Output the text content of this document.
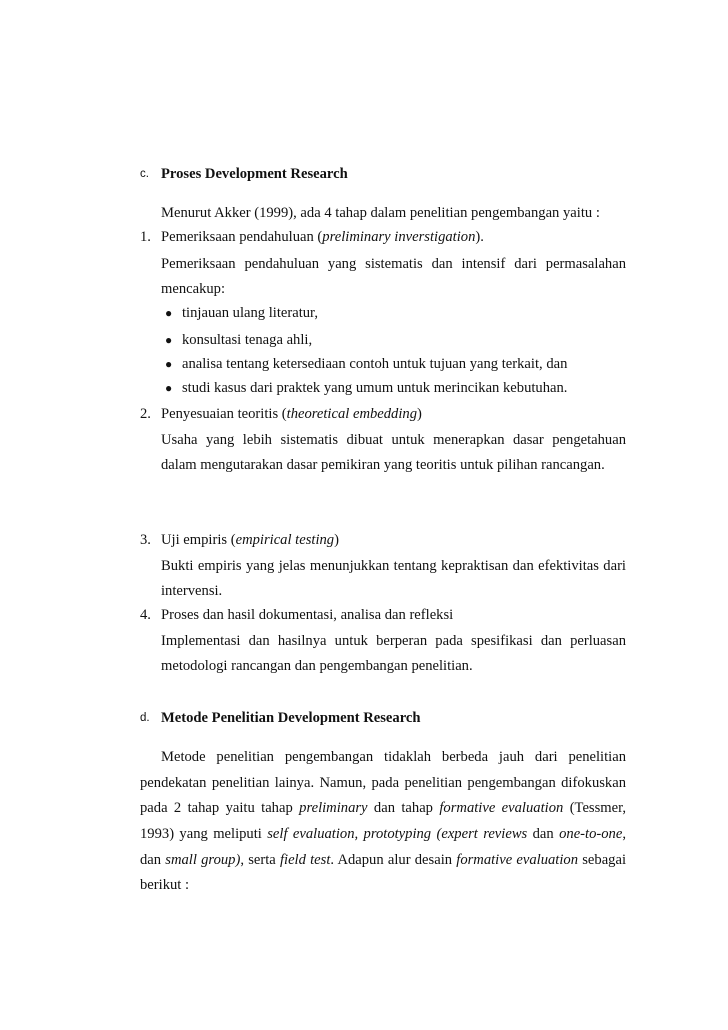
c. Proses Development Research
Menurut Akker (1999), ada 4 tahap dalam penelitian pengembangan yaitu :
1. Pemeriksaan pendahuluan (preliminary inverstigation).
Pemeriksaan pendahuluan yang sistematis dan intensif dari permasalahan
mencakup:
● tinjauan ulang literatur,
● konsultasi tenaga ahli,
● analisa tentang ketersediaan contoh untuk tujuan yang terkait, dan
● studi kasus dari praktek yang umum untuk merincikan kebutuhan.
2. Penyesuaian teoritis (theoretical embedding)
Usaha yang lebih sistematis dibuat untuk menerapkan dasar pengetahuan
dalam mengutarakan dasar pemikiran yang teoritis untuk pilihan rancangan.
3. Uji empiris (empirical testing)
Bukti empiris yang jelas menunjukkan tentang kepraktisan dan efektivitas dari
intervensi.
4. Proses dan hasil dokumentasi, analisa dan refleksi
Implementasi dan hasilnya untuk berperan pada spesifikasi dan perluasan
metodologi rancangan dan pengembangan penelitian.
d. Metode Penelitian Development Research
Metode penelitian pengembangan tidaklah berbeda jauh dari penelitian
pendekatan penelitian lainya. Namun, pada penelitian pengembangan difokuskan
pada 2 tahap yaitu tahap preliminary dan tahap formative evaluation (Tessmer,
1993) yang meliputi self evaluation, prototyping (expert reviews dan one-to-one,
dan small group), serta field test. Adapun alur desain formative evaluation sebagai
berikut :
